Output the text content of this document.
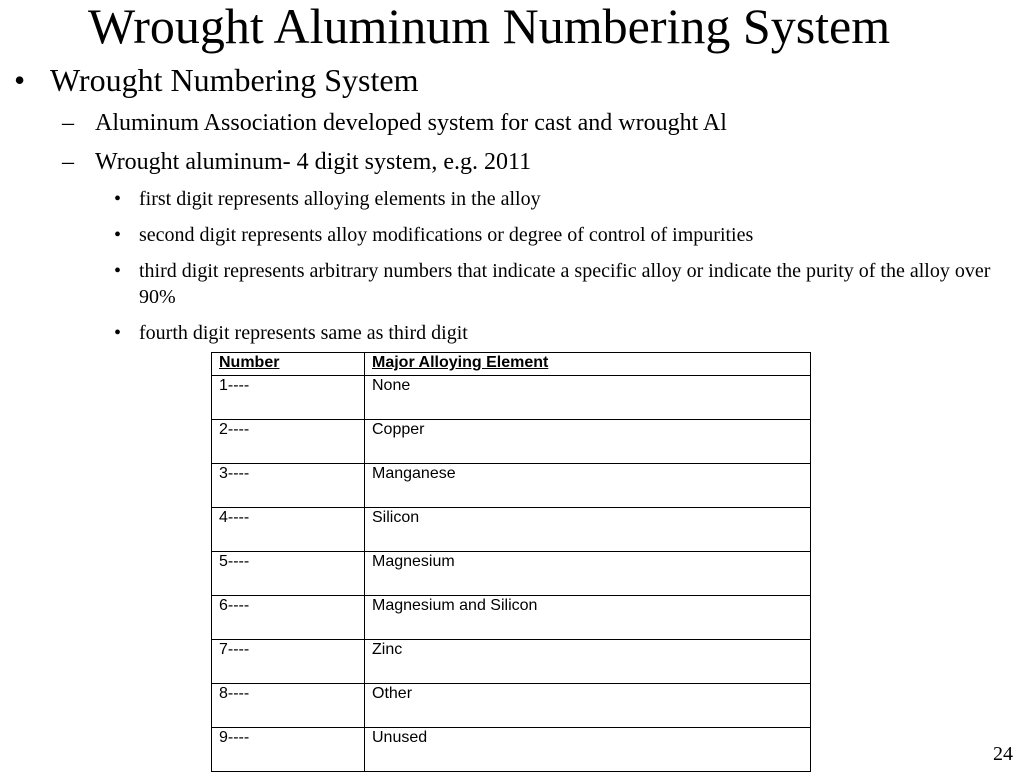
Wrought Aluminum Numbering System
• Wrought Numbering System
– Aluminum Association developed system for cast and wrought Al
– Wrought aluminum- 4 digit system, e.g. 2011
• first digit represents alloying elements in the alloy
• second digit represents alloy modifications or degree of control of impurities
• third digit represents arbitrary numbers that indicate a specific alloy or indicate the purity of the alloy over 90%
• fourth digit represents same as third digit
Number	Major Alloying Element
1----	None
2----	Copper
3----	Manganese
4----	Silicon
5----	Magnesium
6----	Magnesium and Silicon
7----	Zinc
8----	Other
9----	Unused
24
